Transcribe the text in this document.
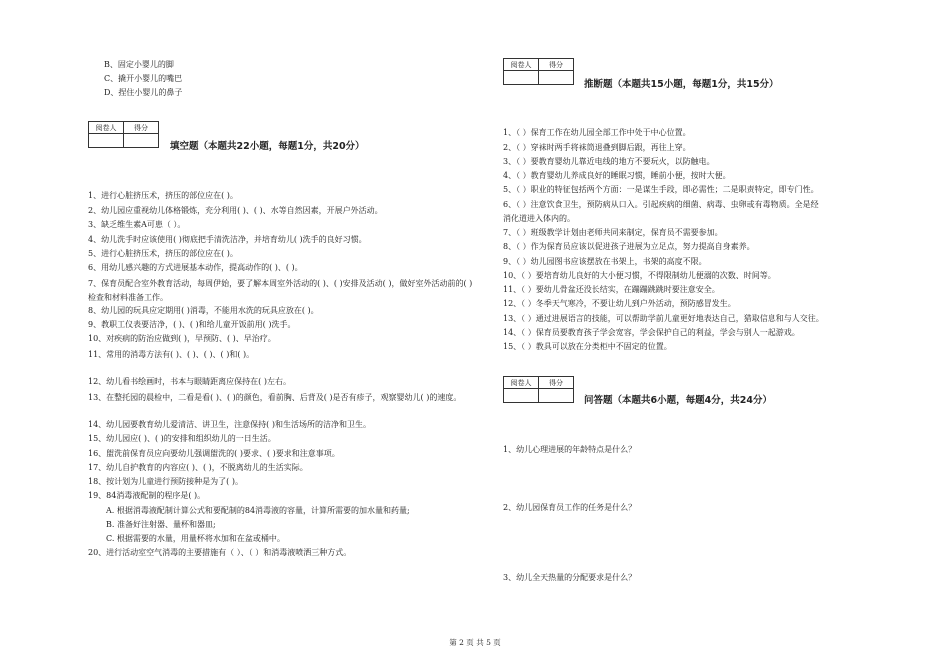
B、固定小婴儿的脚
C、撬开小婴儿的嘴巴
D、捏住小婴儿的鼻子
阅卷人	得分

填空题（本题共22小题，每题1分，共20分）
1、进行心脏挤压术，挤压的部位应在( )。
2、幼儿园应重视幼儿体格锻炼，充分利用( )、( )、水等自然因素，开展户外活动。
3、缺乏维生素A可患（ ）。
4、幼儿洗手时应该使用( )彻底把手清洗洁净，并培育幼儿( )洗手的良好习惯。
5、进行心脏挤压术，挤压的部位应在( )。
6、用幼儿感兴趣的方式进展基本动作，提高动作的( )、( )。
7、保育员配合室外教育活动，每周伊始，要了解本周室外活动的( )、( )安排及活动( )，做好室外活动前的( )检查和材料准备工作。
8、幼儿园的玩具应定期用( )消毒，不能用水洗的玩具应放在( )。
9、教职工仪表要洁净，( )、( )和给儿童开饭前用( )洗手。
10、对疾病的防治应做到( )，早预防、( )、早治疗。
11、常用的消毒方法有( )、( )、( )、( )和( )。
12、幼儿看书绘画时，书本与眼睛距离应保持在( )左右。
13、在整托园的晨检中，二看是看( )、( )的颜色，看前胸、后背及( )是否有疹子，观察婴幼儿( )的速度。
14、幼儿园要教育幼儿爱清洁、讲卫生，注意保持( )和生活场所的洁净和卫生。
15、幼儿园应( )、( )的安排和组织幼儿的一日生活。
16、盥洗前保育员应向要幼儿强调盥洗的( )要求、( )要求和注意事项。
17、幼儿自护教育的内容应( )、( )，不脱离幼儿的生活实际。
18、按计划为儿童进行预防接种是为了( )。
19、84消毒液配制的程序是( )。
A. 根据消毒液配制计算公式和要配制的84消毒液的容量，计算所需要的加水量和药量;
B. 准备好注射器、量杯和器皿;
C. 根据需要的水量，用量杯将水加和在盆或桶中。
20、进行活动室空气消毒的主要措施有（ ）、（ ）和消毒液喷洒三种方式。
阅卷人	得分

推断题（本题共15小题，每题1分，共15分）
1、（ ）保育工作在幼儿园全部工作中处于中心位置。
2、（ ）穿袜时两手将袜筒退叠到脚后跟，再往上穿。
3、（ ）要教育婴幼儿靠近电线的地方不要玩火，以防触电。
4、（ ）教育婴幼儿养成良好的睡眠习惯，睡前小便，按时大便。
5、（ ）职业的特征包括两个方面：一是谋生手段，即必需性；二是职责特定，即专门性。
6、（ ）注意饮食卫生，预防病从口入。引起疾病的细菌、病毒、虫卵或有毒物质。全是经
消化道进入体内的。
7、（ ）班级教学计划由老师共同来制定，保育员不需要参加。
8、（ ）作为保育员应该以促进孩子进展为立足点，努力提高自身素养。
9、（ ）幼儿园图书应该摆放在书架上，书架的高度不限。
10、（ ）要培育幼儿良好的大小便习惯，不得限制幼儿便溺的次数、时间等。
11、（ ）要幼儿骨盆还没长结实，在蹦蹦跳跳时要注意安全。
12、（ ）冬季天气寒冷，不要让幼儿到户外活动，预防感冒发生。
13、（ ）通过进展语言的技能，可以帮助学前儿童更好地表达自己，猎取信息和与人交往。
14、（ ）保育员要教育孩子学会宽容，学会保护自己的利益，学会与别人一起游戏。
15、（ ）教具可以放在分类柜中不固定的位置。
阅卷人	得分

问答题（本题共6小题，每题4分，共24分）
1、幼儿心理进展的年龄特点是什么？
2、幼儿园保育员工作的任务是什么？
3、幼儿全天热量的分配要求是什么？
第 2 页 共 5 页
